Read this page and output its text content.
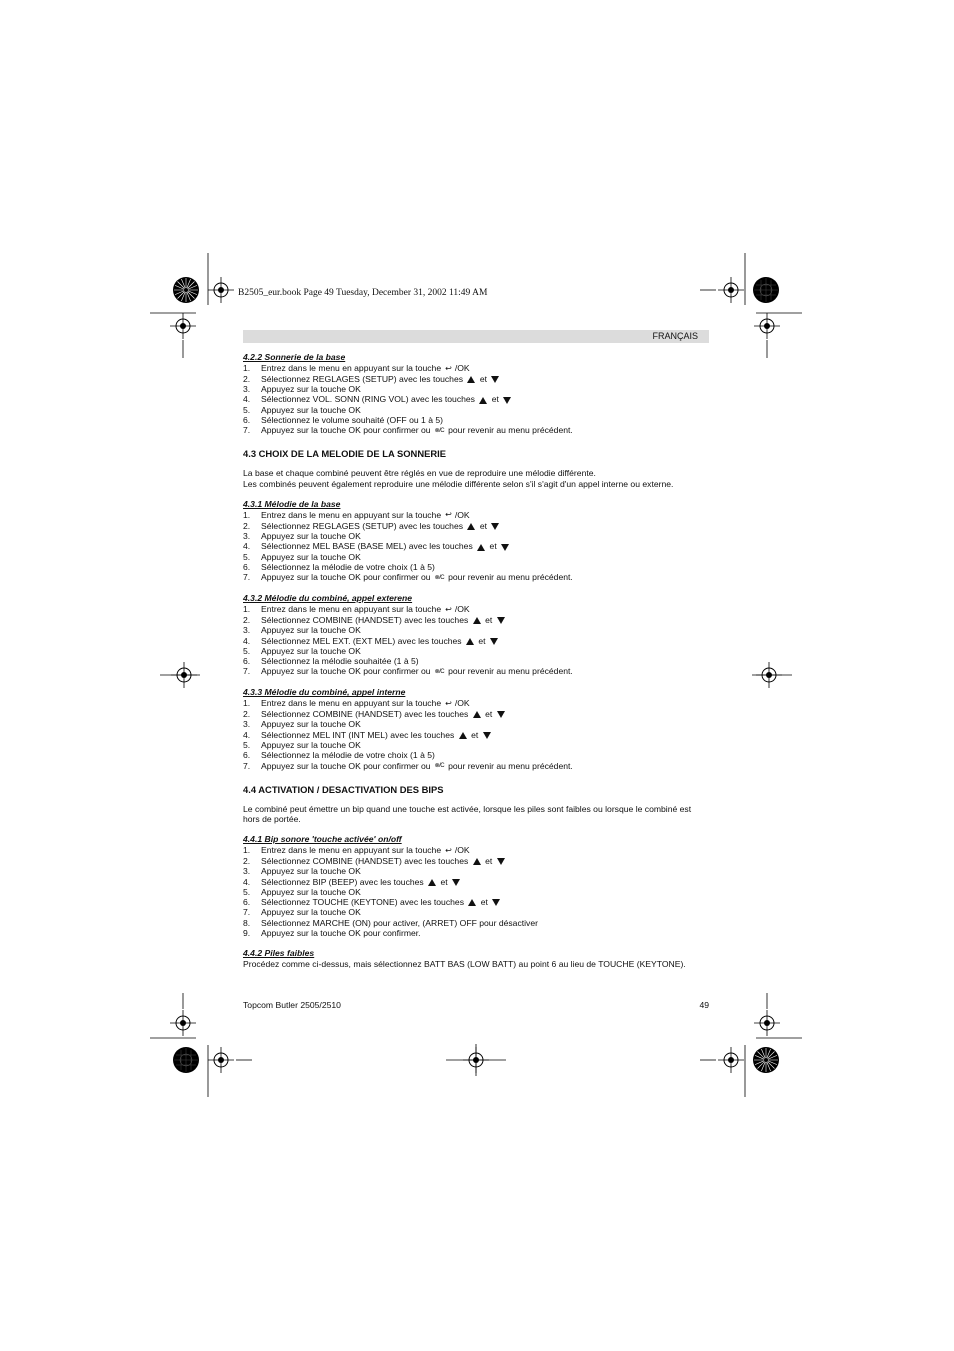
B2505_eur.book Page 49 Tuesday, December 31, 2002 11:49 AM
FRANÇAIS

4.2.2 Sonnerie de la base

1. Entrez dans le menu en appuyant sur la touche ↩ /OK
2. Sélectionnez REGLAGES (SETUP) avec les touches et
3. Appuyez sur la touche OK
4. Sélectionnez VOL. SONN (RING VOL) avec les touches et
5. Appuyez sur la touche OK
6. Sélectionnez le volume souhaité (OFF ou 1 à 5)
7. Appuyez sur la touche OK pour confirmer ou ⊗/C pour revenir au menu précédent.

4.3 CHOIX DE LA MELODIE DE LA SONNERIE

La base et chaque combiné peuvent être réglés en vue de reproduire une mélodie différente.

Les combinés peuvent également reproduire une mélodie différente selon s'il s'agit d'un appel interne ou externe.

4.3.1 Mélodie de la base

1. Entrez dans le menu en appuyant sur la touche ↩ /OK
2. Sélectionnez REGLAGES (SETUP) avec les touches et
3. Appuyez sur la touche OK
4. Sélectionnez MEL BASE (BASE MEL) avec les touches et
5. Appuyez sur la touche OK
6. Sélectionnez la mélodie de votre choix (1 à 5)
7. Appuyez sur la touche OK pour confirmer ou ⊗/C pour revenir au menu précédent.

4.3.2 Mélodie du combiné, appel exterene

1. Entrez dans le menu en appuyant sur la touche ↩ /OK
2. Sélectionnez COMBINE (HANDSET) avec les touches et
3. Appuyez sur la touche OK
4. Sélectionnez MEL EXT. (EXT MEL) avec les touches et
5. Appuyez sur la touche OK
6. Sélectionnez la mélodie souhaitée (1 à 5)
7. Appuyez sur la touche OK pour confirmer ou ⊗/C pour revenir au menu précédent.

4.3.3 Mélodie du combiné, appel interne

1. Entrez dans le menu en appuyant sur la touche ↩ /OK
2. Sélectionnez COMBINE (HANDSET) avec les touches et
3. Appuyez sur la touche OK
4. Sélectionnez MEL INT (INT MEL) avec les touches et
5. Appuyez sur la touche OK
6. Sélectionnez la mélodie de votre choix (1 à 5)
7. Appuyez sur la touche OK pour confirmer ou ⊗/C pour revenir au menu précédent.

4.4 ACTIVATION / DESACTIVATION DES BIPS

Le combiné peut émettre un bip quand une touche est activée, lorsque les piles sont faibles ou lorsque le combiné est

hors de portée.

4.4.1 Bip sonore 'touche activée' on/off

1. Entrez dans le menu en appuyant sur la touche ↩ /OK
2. Sélectionnez COMBINE (HANDSET) avec les touches et
3. Appuyez sur la touche OK
4. Sélectionnez BIP (BEEP) avec les touches et
5. Appuyez sur la touche OK
6. Sélectionnez TOUCHE (KEYTONE) avec les touches et
7. Appuyez sur la touche OK
8. Sélectionnez MARCHE (ON) pour activer, (ARRET) OFF pour désactiver
9. Appuyez sur la touche OK pour confirmer.

4.4.2 Piles faibles

Procédez comme ci-dessus, mais sélectionnez BATT BAS (LOW BATT) au point 6 au lieu de TOUCHE (KEYTONE).

Topcom Butler 2505/2510	49
